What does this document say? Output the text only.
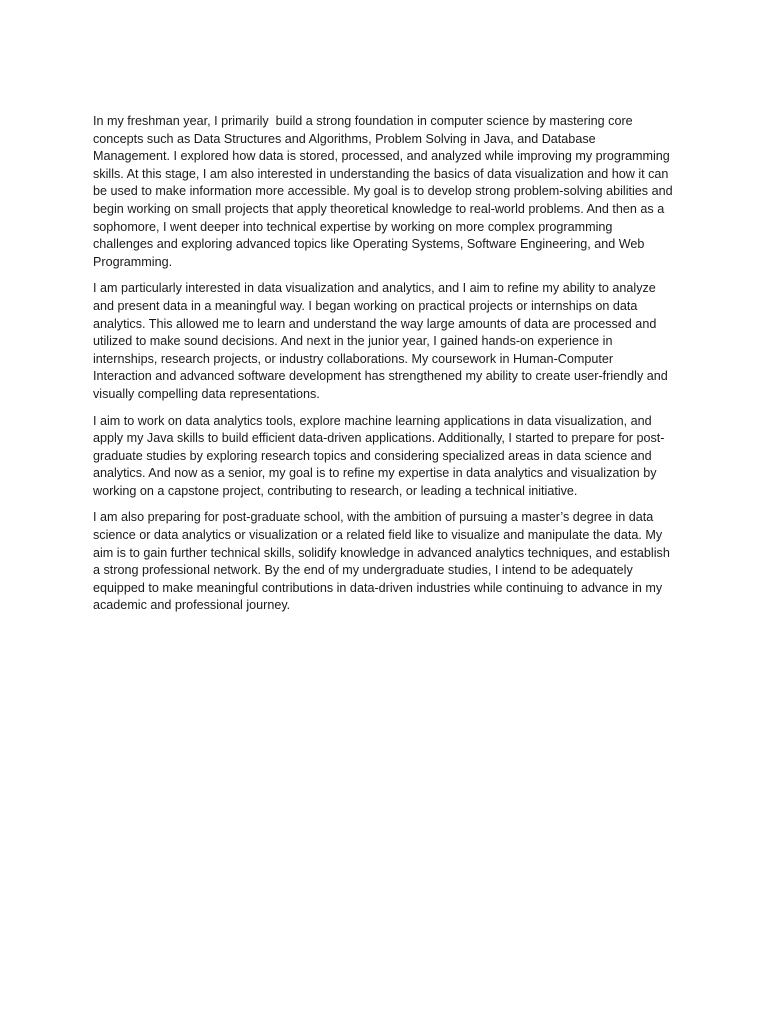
In my freshman year, I primarily  build a strong foundation in computer science by mastering core concepts such as Data Structures and Algorithms, Problem Solving in Java, and Database Management. I explored how data is stored, processed, and analyzed while improving my programming skills. At this stage, I am also interested in understanding the basics of data visualization and how it can be used to make information more accessible. My goal is to develop strong problem-solving abilities and begin working on small projects that apply theoretical knowledge to real-world problems. And then as a sophomore, I went deeper into technical expertise by working on more complex programming challenges and exploring advanced topics like Operating Systems, Software Engineering, and Web Programming.

I am particularly interested in data visualization and analytics, and I aim to refine my ability to analyze and present data in a meaningful way. I began working on practical projects or internships on data analytics. This allowed me to learn and understand the way large amounts of data are processed and utilized to make sound decisions. And next in the junior year, I gained hands-on experience in internships, research projects, or industry collaborations. My coursework in Human-Computer Interaction and advanced software development has strengthened my ability to create user-friendly and visually compelling data representations.

I aim to work on data analytics tools, explore machine learning applications in data visualization, and apply my Java skills to build efficient data-driven applications. Additionally, I started to prepare for post-graduate studies by exploring research topics and considering specialized areas in data science and analytics. And now as a senior, my goal is to refine my expertise in data analytics and visualization by working on a capstone project, contributing to research, or leading a technical initiative.

I am also preparing for post-graduate school, with the ambition of pursuing a master’s degree in data science or data analytics or visualization or a related field like to visualize and manipulate the data. My aim is to gain further technical skills, solidify knowledge in advanced analytics techniques, and establish a strong professional network. By the end of my undergraduate studies, I intend to be adequately equipped to make meaningful contributions in data-driven industries while continuing to advance in my academic and professional journey.
